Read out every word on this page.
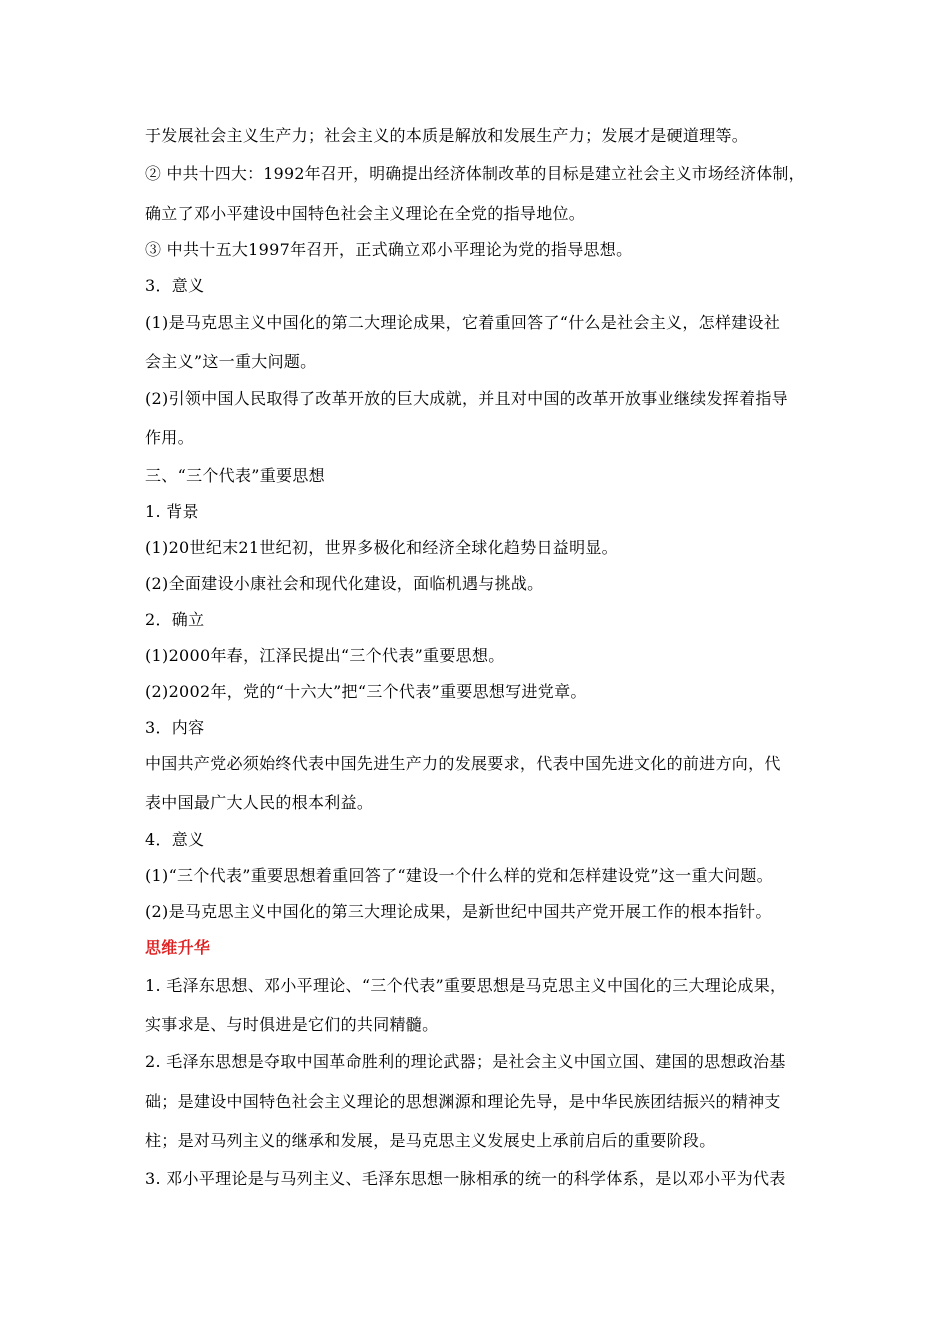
于发展社会主义生产力；社会主义的本质是解放和发展生产力；发展才是硬道理等。
② 中共十四大：1992年召开，明确提出经济体制改革的目标是建立社会主义市场经济体制，
确立了邓小平建设中国特色社会主义理论在全党的指导地位。
③ 中共十五大1997年召开，正式确立邓小平理论为党的指导思想。
3．意义
(1)是马克思主义中国化的第二大理论成果，它着重回答了“什么是社会主义，怎样建设社
会主义”这一重大问题。
(2)引领中国人民取得了改革开放的巨大成就，并且对中国的改革开放事业继续发挥着指导
作用。
三、“三个代表”重要思想
1. 背景
(1)20世纪末21世纪初，世界多极化和经济全球化趋势日益明显。
(2)全面建设小康社会和现代化建设，面临机遇与挑战。
2．确立
(1)2000年春，江泽民提出“三个代表”重要思想。
(2)2002年，党的“十六大”把“三个代表”重要思想写进党章。
3．内容
中国共产党必须始终代表中国先进生产力的发展要求，代表中国先进文化的前进方向，代
表中国最广大人民的根本利益。
4．意义
(1)“三个代表”重要思想着重回答了“建设一个什么样的党和怎样建设党”这一重大问题。
(2)是马克思主义中国化的第三大理论成果，是新世纪中国共产党开展工作的根本指针。
思维升华
1. 毛泽东思想、邓小平理论、“三个代表”重要思想是马克思主义中国化的三大理论成果，
实事求是、与时俱进是它们的共同精髓。
2. 毛泽东思想是夺取中国革命胜利的理论武器；是社会主义中国立国、建国的思想政治基
础；是建设中国特色社会主义理论的思想渊源和理论先导，是中华民族团结振兴的精神支
柱；是对马列主义的继承和发展，是马克思主义发展史上承前启后的重要阶段。
3. 邓小平理论是与马列主义、毛泽东思想一脉相承的统一的科学体系，是以邓小平为代表
